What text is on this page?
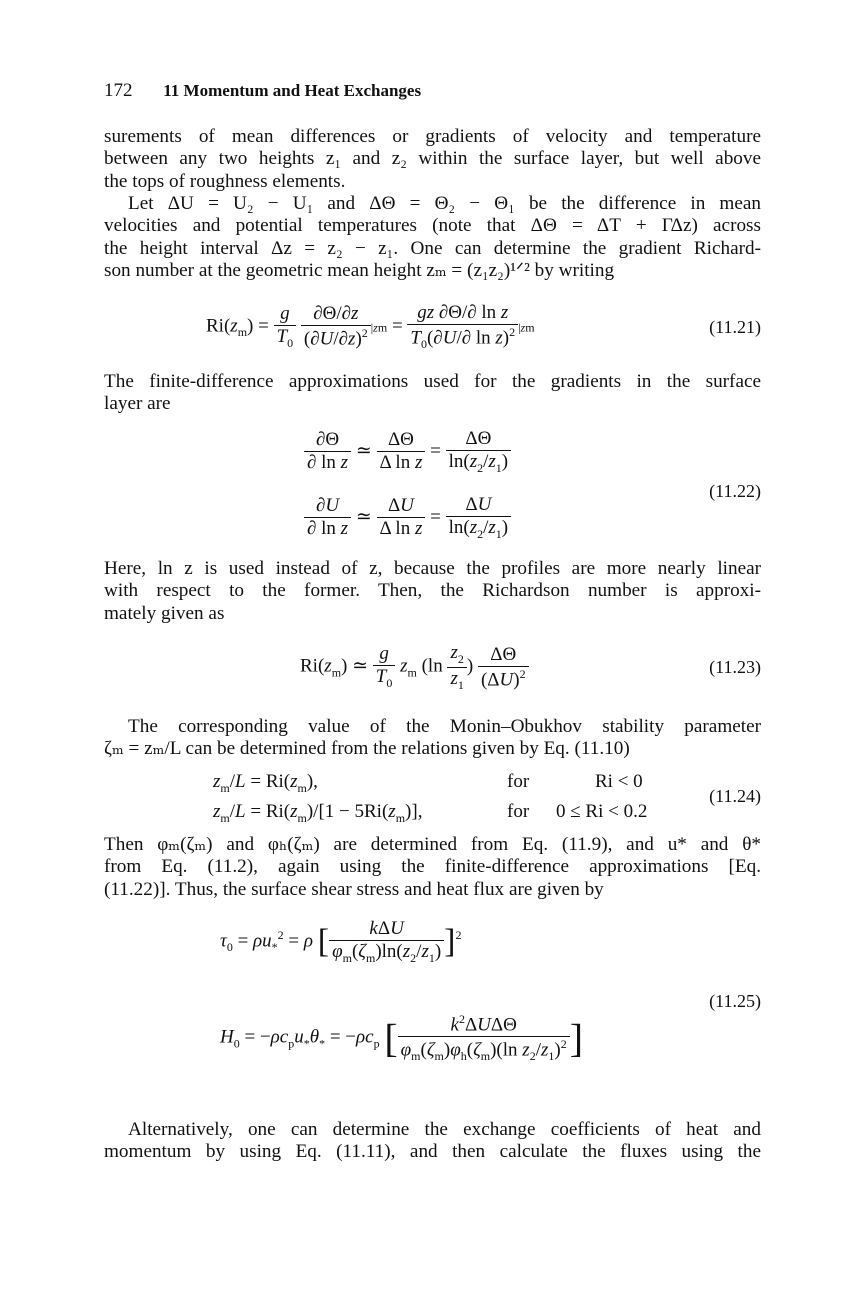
172 11 Momentum and Heat Exchanges
surements of mean differences or gradients of velocity and temperature
between any two heights z₁ and z₂ within the surface layer, but well above
the tops of roughness elements.
Let ΔU = U₂ − U₁ and ΔΘ = Θ₂ − Θ₁ be the difference in mean
velocities and potential temperatures (note that ΔΘ = ΔT + ΓΔz) across
the height interval Δz = z₂ − z₁. One can determine the gradient Richard-
son number at the geometric mean height zₘ = (z₁z₂)¹ᐟ² by writing
$Ri(z_m) = \frac{g}{T_0}$
$\frac{\partial\Theta/\partial z}{(\partial U/\partial z)^2} |zm = \frac{\text{gz ∂Θ/∂ ln z}}{T_0(\partial U/\partial \ln z)^2} |zm$	(11.21)
The finite-difference approximations used for the gradients in the surface
layer are
$\frac{\partial\Theta}{\text{∂ ln z}}$ ≃ $\frac{\Delta\Theta}{\text{Δ ln z}} = \frac{\Delta\Theta}{\ln(z_2/z_1)}$
$\frac{\partial U}{\text{∂ ln z}}$ ≃ $\frac{\Delta U}{\text{Δ ln z}} = \frac{\Delta U}{\ln(z_2/z_1)}$
(11.22)
Here, ln z is used instead of z, because the profiles are more nearly linear
with respect to the former. Then, the Richardson number is approxi-
mately given as
$Ri(z_m)$ ≃ $\frac{g}{T_0} z_m$ ($\ln \frac{z_2}{z_1}$ ) $\frac{\Delta\Theta}{(\Delta U)^2}$	(11.23)
The corresponding value of the Monin–Obukhov stability parameter
ζₘ = zₘ/L can be determined from the relations given by Eq. (11.10)
$z_m/L = Ri(z_m)$,	for	Ri < 0
$z_m/L = Ri(z_m)/[1 - 5Ri(z_m)]$,	for 0 ≤ Ri < 0.2
(11.24)
Then φₘ(ζₘ) and φₕ(ζₘ) are determined from Eq. (11.9), and u* and θ*
from Eq. (11.2), again using the finite-difference approximations [Eq.
(11.22)]. Thus, the surface shear stress and heat flux are given by
$\tau_0 = \rho u_*^2 = \rho$ [ $\frac{\text{kΔU}}{\varphi_m(\zeta_m)\ln(z_2/z_1)} ]^2$
$H_0 = -\rho c_pu_*\theta_* = -\rho c_p$ [ $\frac{k^2\Delta U\Delta\Theta}{\varphi_m(\zeta_m)\varphi_h(\zeta_m)(\ln z_2/z_1)^2}$ ]
(11.25)
Alternatively, one can determine the exchange coefficients of heat and
momentum by using Eq. (11.11), and then calculate the fluxes using the
